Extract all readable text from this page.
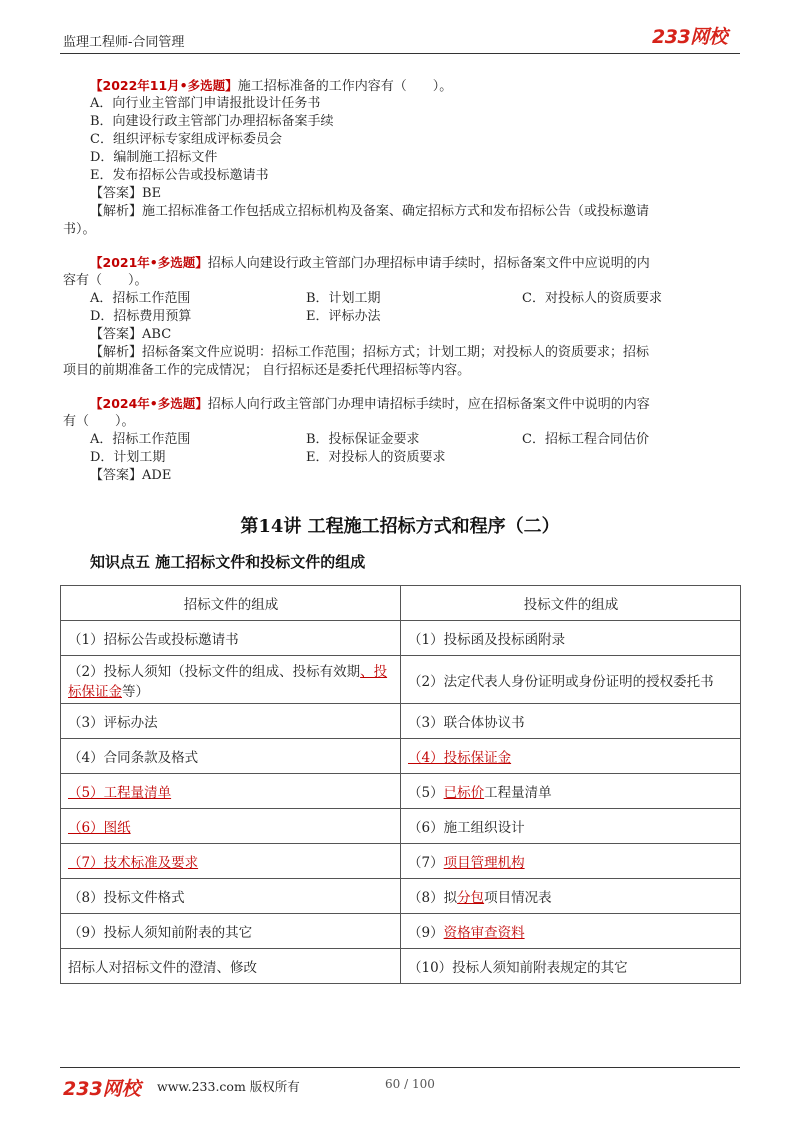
监理工程师-合同管理	233网校
【2022年11月•多选题】施工招标准备的工作内容有（　　）。
A．向行业主管部门申请报批设计任务书
B．向建设行政主管部门办理招标备案手续
C．组织评标专家组成评标委员会
D．编制施工招标文件
E．发布招标公告或投标邀请书
【答案】BE
【解析】施工招标准备工作包括成立招标机构及备案、确定招标方式和发布招标公告（或投标邀请
书）。
【2021年•多选题】招标人向建设行政主管部门办理招标申请手续时，招标备案文件中应说明的内
容有（　　）。
A．招标工作范围	B．计划工期	C．对投标人的资质要求
D．招标费用预算	E．评标办法
【答案】ABC
【解析】招标备案文件应说明：招标工作范围；招标方式；计划工期；对投标人的资质要求；招标
项目的前期准备工作的完成情况； 自行招标还是委托代理招标等内容。
【2024年•多选题】招标人向行政主管部门办理申请招标手续时，应在招标备案文件中说明的内容
有（　　）。
A．招标工作范围	B．投标保证金要求	C．招标工程合同估价
D．计划工期	E．对投标人的资质要求
【答案】ADE
第14讲 工程施工招标方式和程序（二）
知识点五 施工招标文件和投标文件的组成
招标文件的组成	投标文件的组成
（1）招标公告或投标邀请书	（1）投标函及投标函附录
（2）投标人须知（投标文件的组成、投标有效期、投标保证金等）	（2）法定代表人身份证明或身份证明的授权委托书
（3）评标办法	（3）联合体协议书
（4）合同条款及格式	（4）投标保证金
（5）工程量清单	（5）已标价工程量清单
（6）图纸	（6）施工组织设计
（7）技术标准及要求	（7）项目管理机构
（8）投标文件格式	（8）拟分包项目情况表
（9）投标人须知前附表的其它	（9）资格审查资料
招标人对招标文件的澄清、修改	（10）投标人须知前附表规定的其它
233网校 www.233.com 版权所有	60 / 100
